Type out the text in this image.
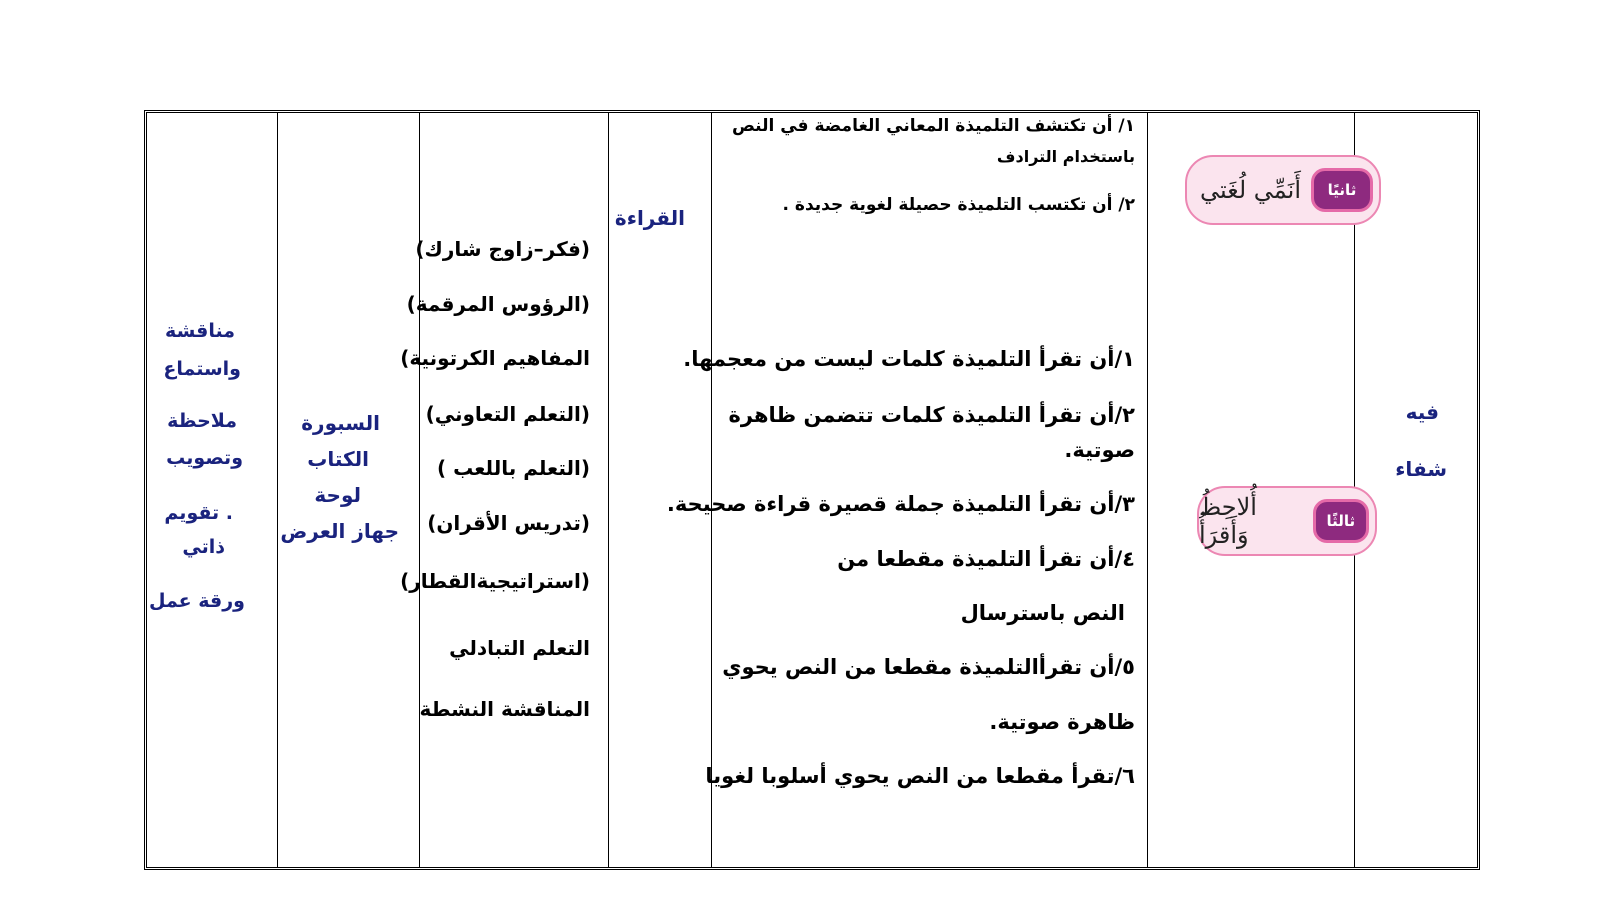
فيه
شفاء
ثانيًا
أَنَمِّي لُغَتي
ثالثًا
أُلاحِظُ وَأَقرَأُ
١/ أن تكتشف التلميذة المعاني الغامضة في النص
باستخدام الترادف
٢/ أن تكتسب التلميذة حصيلة لغوية جديدة .
١/أن تقرأ التلميذة كلمات ليست من معجمها.
٢/أن تقرأ التلميذة كلمات تتضمن ظاهرة
صوتية.
٣/أن تقرأ التلميذة جملة قصيرة قراءة صحيحة.
٤/أن تقرأ التلميذة مقطعا من
النص باسترسال
٥/أن تقرأالتلميذة مقطعا من النص يحوي
ظاهرة صوتية.
٦/تقرأ مقطعا من النص يحوي أسلوبا لغويا
القراءة
(فكر–زاوج شارك)
(الرؤوس المرقمة)
المفاهيم الكرتونية)
(التعلم التعاوني)
(التعلم باللعب )
(تدريس الأقران)
(استراتيجيةالقطار)
التعلم التبادلي
المناقشة النشطة
السبورة
الكتاب
لوحة
جهاز العرض
مناقشة
واستماع
ملاحظة
وتصويب
. تقويم
ذاتي
ورقة عمل
